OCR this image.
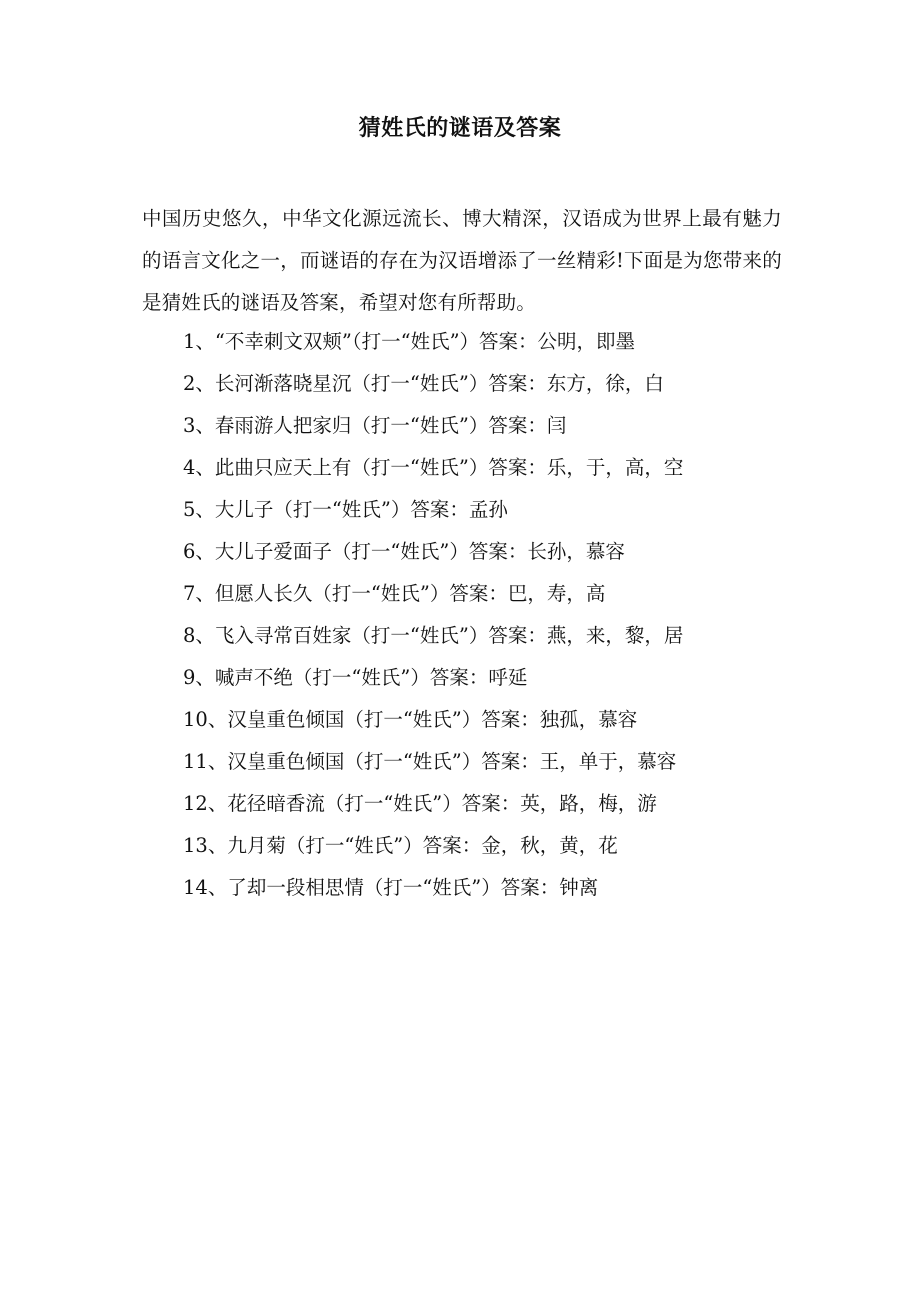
猜姓氏的谜语及答案

中国历史悠久，中华文化源远流长、博大精深，汉语成为世界上最有魅力的语言文化之一，而谜语的存在为汉语增添了一丝精彩!下面是为您带来的是猜姓氏的谜语及答案，希望对您有所帮助。

1、“不幸刺文双颊”（打一“姓氏”）答案：公明，即墨
2、长河渐落晓星沉（打一“姓氏”）答案：东方，徐，白
3、春雨游人把家归（打一“姓氏”）答案：闫
4、此曲只应天上有（打一“姓氏”）答案：乐，于，高，空
5、大儿子（打一“姓氏”）答案：孟孙
6、大儿子爱面子（打一“姓氏”）答案：长孙，慕容
7、但愿人长久（打一“姓氏”）答案：巴，寿，高
8、飞入寻常百姓家（打一“姓氏”）答案：燕，来，黎，居
9、喊声不绝（打一“姓氏”）答案：呼延
10、汉皇重色倾国（打一“姓氏”）答案：独孤，慕容
11、汉皇重色倾国（打一“姓氏”）答案：王，单于，慕容
12、花径暗香流（打一“姓氏”）答案：英，路，梅，游
13、九月菊（打一“姓氏”）答案：金，秋，黄，花
14、了却一段相思情（打一“姓氏”）答案：钟离
